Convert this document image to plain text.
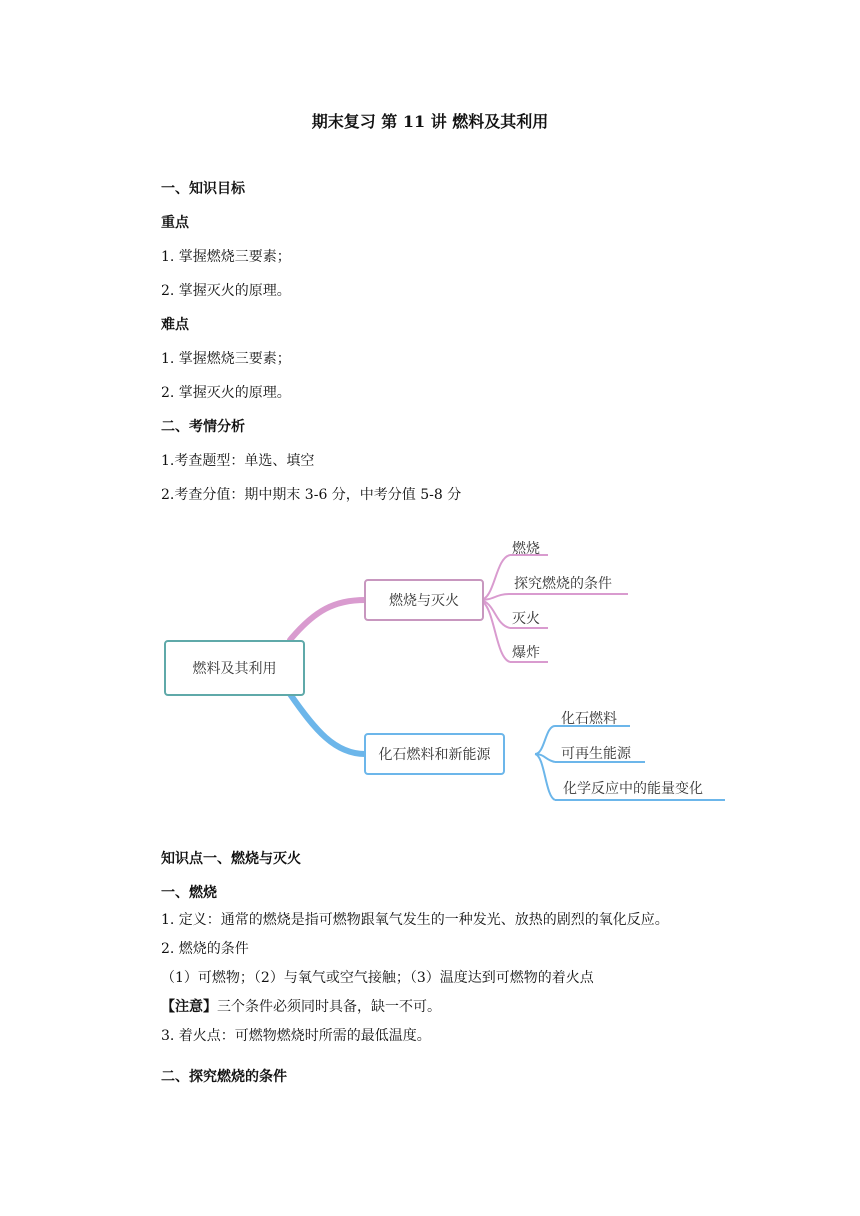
期末复习 第 11 讲 燃料及其利用
一、知识目标
重点
1. 掌握燃烧三要素；
2. 掌握灭火的原理。
难点
1. 掌握燃烧三要素；
2. 掌握灭火的原理。
二、考情分析
1.考查题型：单选、填空
2.考查分值：期中期末 3-6 分，中考分值 5-8 分
燃料及其利用
燃烧与灭火
化石燃料和新能源
燃烧
探究燃烧的条件
灭火
爆炸
化石燃料
可再生能源
化学反应中的能量变化
知识点一、燃烧与灭火
一、燃烧
1. 定义：通常的燃烧是指可燃物跟氧气发生的一种发光、放热的剧烈的氧化反应。
2. 燃烧的条件
（1）可燃物；（2）与氧气或空气接触；（3）温度达到可燃物的着火点
【注意】三个条件必须同时具备，缺一不可。
3. 着火点：可燃物燃烧时所需的最低温度。
二、探究燃烧的条件
